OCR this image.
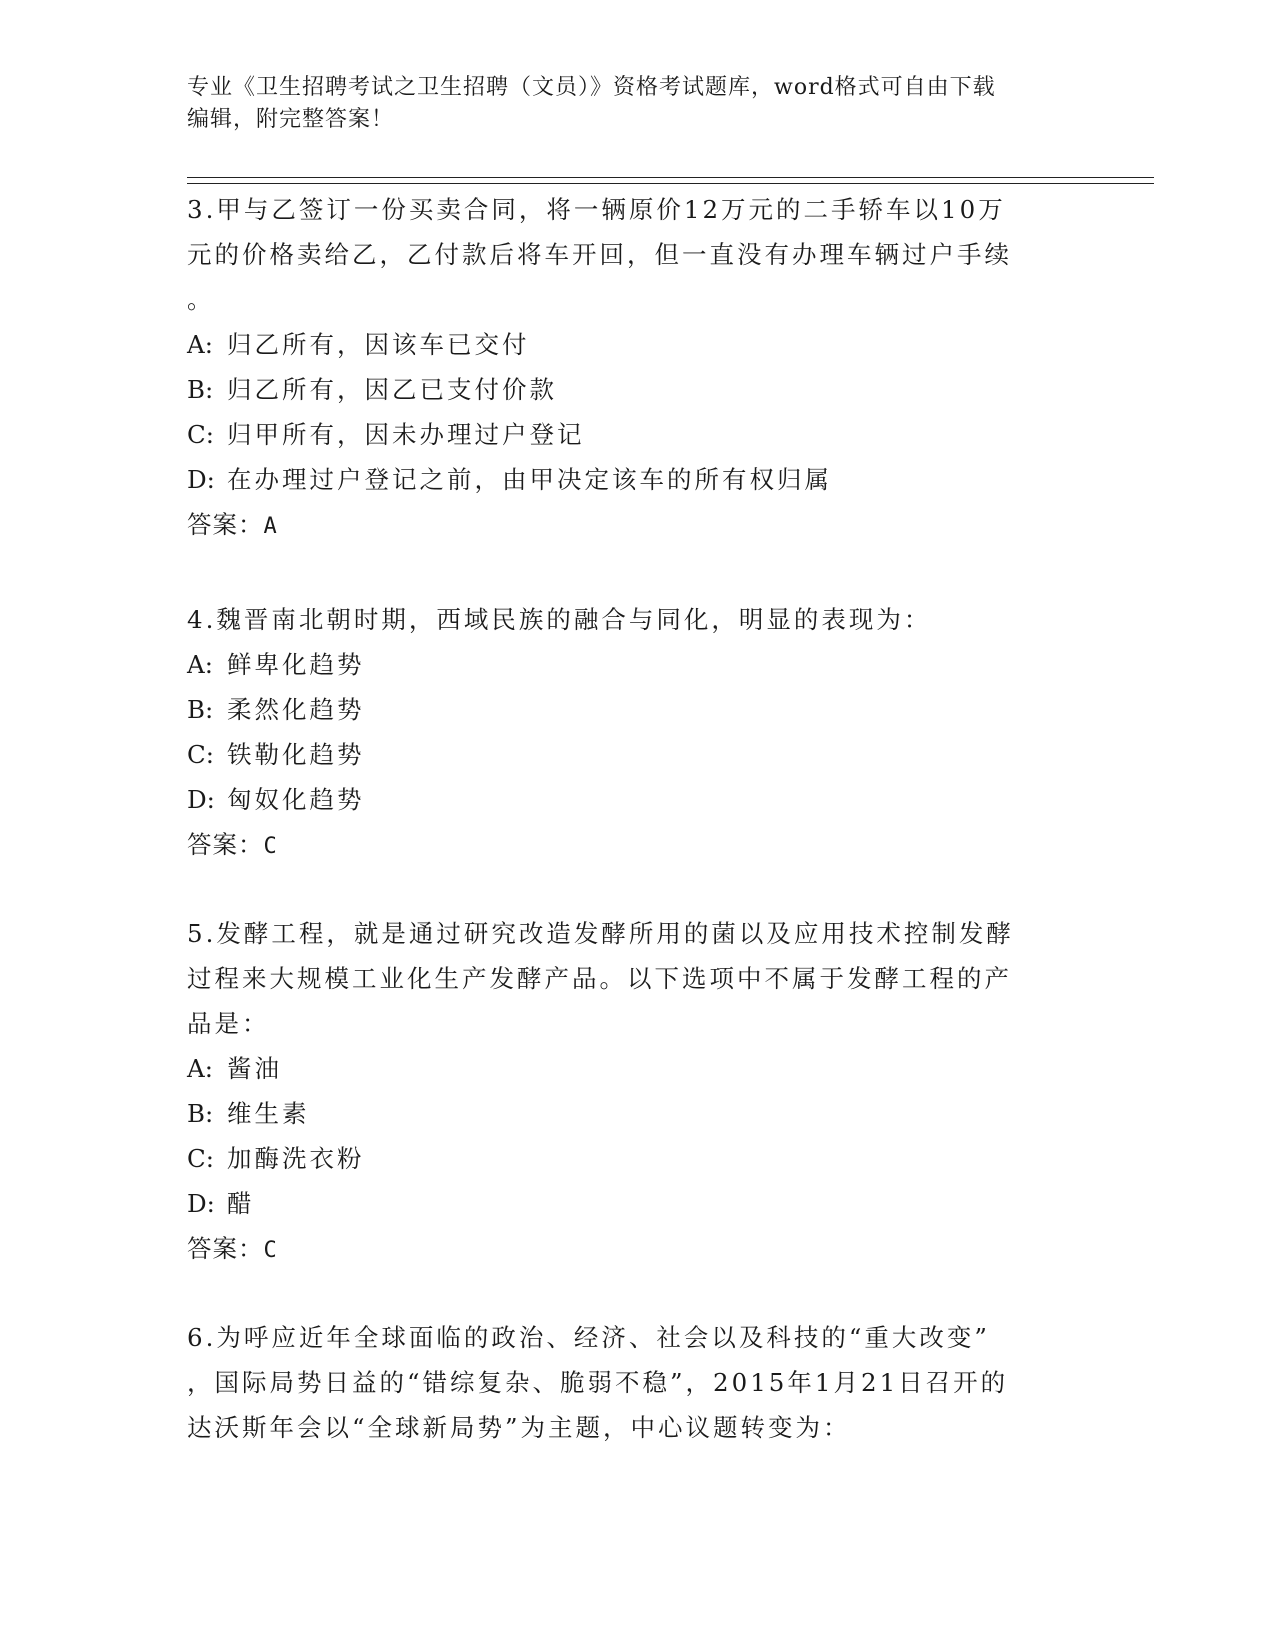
专业《卫生招聘考试之卫生招聘（文员）》资格考试题库，word格式可自由下载
编辑，附完整答案！
3.甲与乙签订一份买卖合同，将一辆原价12万元的二手轿车以10万
元的价格卖给乙，乙付款后将车开回，但一直没有办理车辆过户手续
。
A: 归乙所有，因该车已交付
B: 归乙所有，因乙已支付价款
C: 归甲所有，因未办理过户登记
D: 在办理过户登记之前，由甲决定该车的所有权归属
答案：A
4.魏晋南北朝时期，西域民族的融合与同化，明显的表现为：
A: 鲜卑化趋势
B: 柔然化趋势
C: 铁勒化趋势
D: 匈奴化趋势
答案：C
5.发酵工程，就是通过研究改造发酵所用的菌以及应用技术控制发酵
过程来大规模工业化生产发酵产品。以下选项中不属于发酵工程的产
品是：
A: 酱油
B: 维生素
C: 加酶洗衣粉
D: 醋
答案：C
6.为呼应近年全球面临的政治、经济、社会以及科技的“重大改变”
，国际局势日益的“错综复杂、脆弱不稳”，2015年1月21日召开的
达沃斯年会以“全球新局势”为主题，中心议题转变为：
